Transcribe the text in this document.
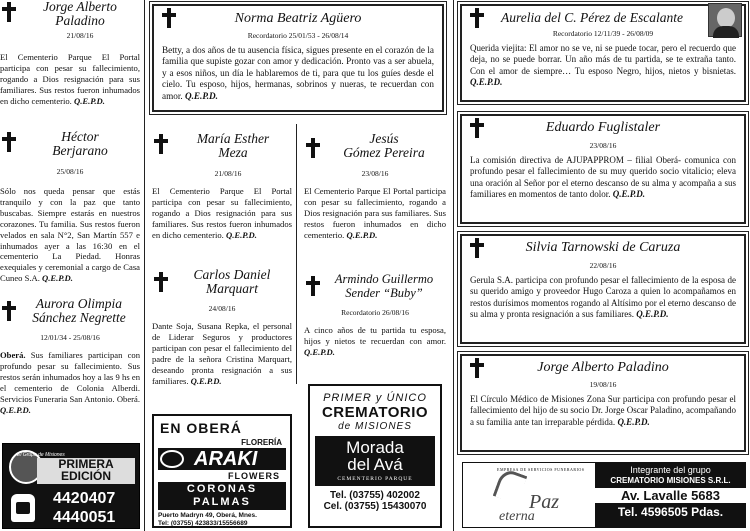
Jorge Alberto
Paladino
21/08/16
El Cementerio Parque El Portal participa con pesar su fallecimiento, rogando a Dios resignación para sus familiares. Sus restos fueron inhumados en dicho cementerio. Q.E.P.D.
Héctor
Berjarano
25/08/16
Sólo nos queda pensar que estás tranquilo y con la paz que tanto buscabas. Siempre estarás en nuestros corazones. Tu familia. Sus restos fueron velados en sala N°2, San Martín 557 e inhumados ayer a las 16:30 en el cementerio La Piedad. Honras exequiales y ceremonial a cargo de Casa Cuneo S.A. Q.E.P.D.
Aurora Olimpia
Sánchez Negrette
12/01/34 - 25/08/16
Oberá. Sus familiares participan con profundo pesar su fallecimiento. Sus restos serán inhumados hoy a las 9 hs en el cementerio de Colonia Alberdi. Servicios Funeraria San Antonio. Oberá. Q.E.P.D.
El Grupo de Misiones
PRIMERA
EDICIÓN
4420407
4440051
Norma Beatriz Agüero
Recordatorio 25/01/53 - 26/08/14
Betty, a dos años de tu ausencia física, sigues presente en el corazón de la familia que supiste gozar con amor y dedicación. Pronto vas a ser abuela, y a esos niños, un día le hablaremos de ti, para que tu los guíes desde el cielo. Tu esposo, hijos, hermanas, sobrinos y nueras, te recuerdan con amor. Q.E.P.D.
María Esther
Meza
21/08/16
El Cementerio Parque El Portal participa con pesar su fallecimiento, rogando a Dios resignación para sus familiares. Sus restos fueron inhumados en dicho cementerio. Q.E.P.D.
Carlos Daniel
Marquart
24/08/16
Dante Soja, Susana Repka, el personal de Liderar Seguros y productores participan con pesar el fallecimiento del padre de la señora Cristina Marquart, deseando pronta resignación a sus familiares. Q.E.P.D.
Jesús
Gómez Pereira
23/08/16
El Cementerio Parque El Portal participa con pesar su fallecimiento, rogando a Dios resignación para sus familiares. Sus restos fueron inhumados en dicho cementerio. Q.E.P.D.
Armindo Guillermo
Sender “Buby”
Recordatorio 26/08/16
A cinco años de tu partida tu esposa, hijos y nietos te recuerdan con amor. Q.E.P.D.
EN OBERÁ
FLORERÍA
ARAKI
FLOWERS
CORONAS
PALMAS
Puerto Madryn 49, Oberá, Mnes.
Tel: (03755) 423833/15556689
PRIMER y ÚNICO
CREMATORIO
de MISIONES
Morada
del Avá
CEMENTERIO PARQUE
Tel. (03755) 402002
Cel. (03755) 15430070
Aurelia del C. Pérez de Escalante
Recordatorio 12/11/39 - 26/08/09
Querida viejita: El amor no se ve, ni se puede tocar, pero el recuerdo que deja, no se puede borrar. Un año más de tu partida, se te extraña tanto. Con el amor de siempre… Tu esposo Negro, hijos, nietos y bisnietas. Q.E.P.D.
Eduardo Fuglistaler
23/08/16
La comisión directiva de AJUPAPPROM – filial Oberá- comunica con profundo pesar el fallecimiento de su muy querido socio vitalicio; eleva una oración al Señor por el eterno descanso de su alma y acompaña a sus familiares en momentos de tanto dolor. Q.E.P.D.
Silvia Tarnowski de Caruza
22/08/16
Gerula S.A. participa con profundo pesar el fallecimiento de la esposa de su querido amigo y proveedor Hugo Caroza a quien lo acompañamos en restos durísimos momentos rogando al Altísimo por el eterno descanso de su alma y pronta resignación a sus familiares. Q.E.P.D.
Jorge Alberto Paladino
19/08/16
El Círculo Médico de Misiones Zona Sur participa con profundo pesar el fallecimiento del hijo de su socio Dr. Jorge Oscar Paladino, acompañando a su familia ante tan irreparable pérdida. Q.E.P.D.
EMPRESA DE SERVICIOS FUNERARIOS
Paz
eterna
Integrante del grupo
CREMATORIO MISIONES S.R.L.
Av. Lavalle 5683
Tel. 4596505 Pdas.
